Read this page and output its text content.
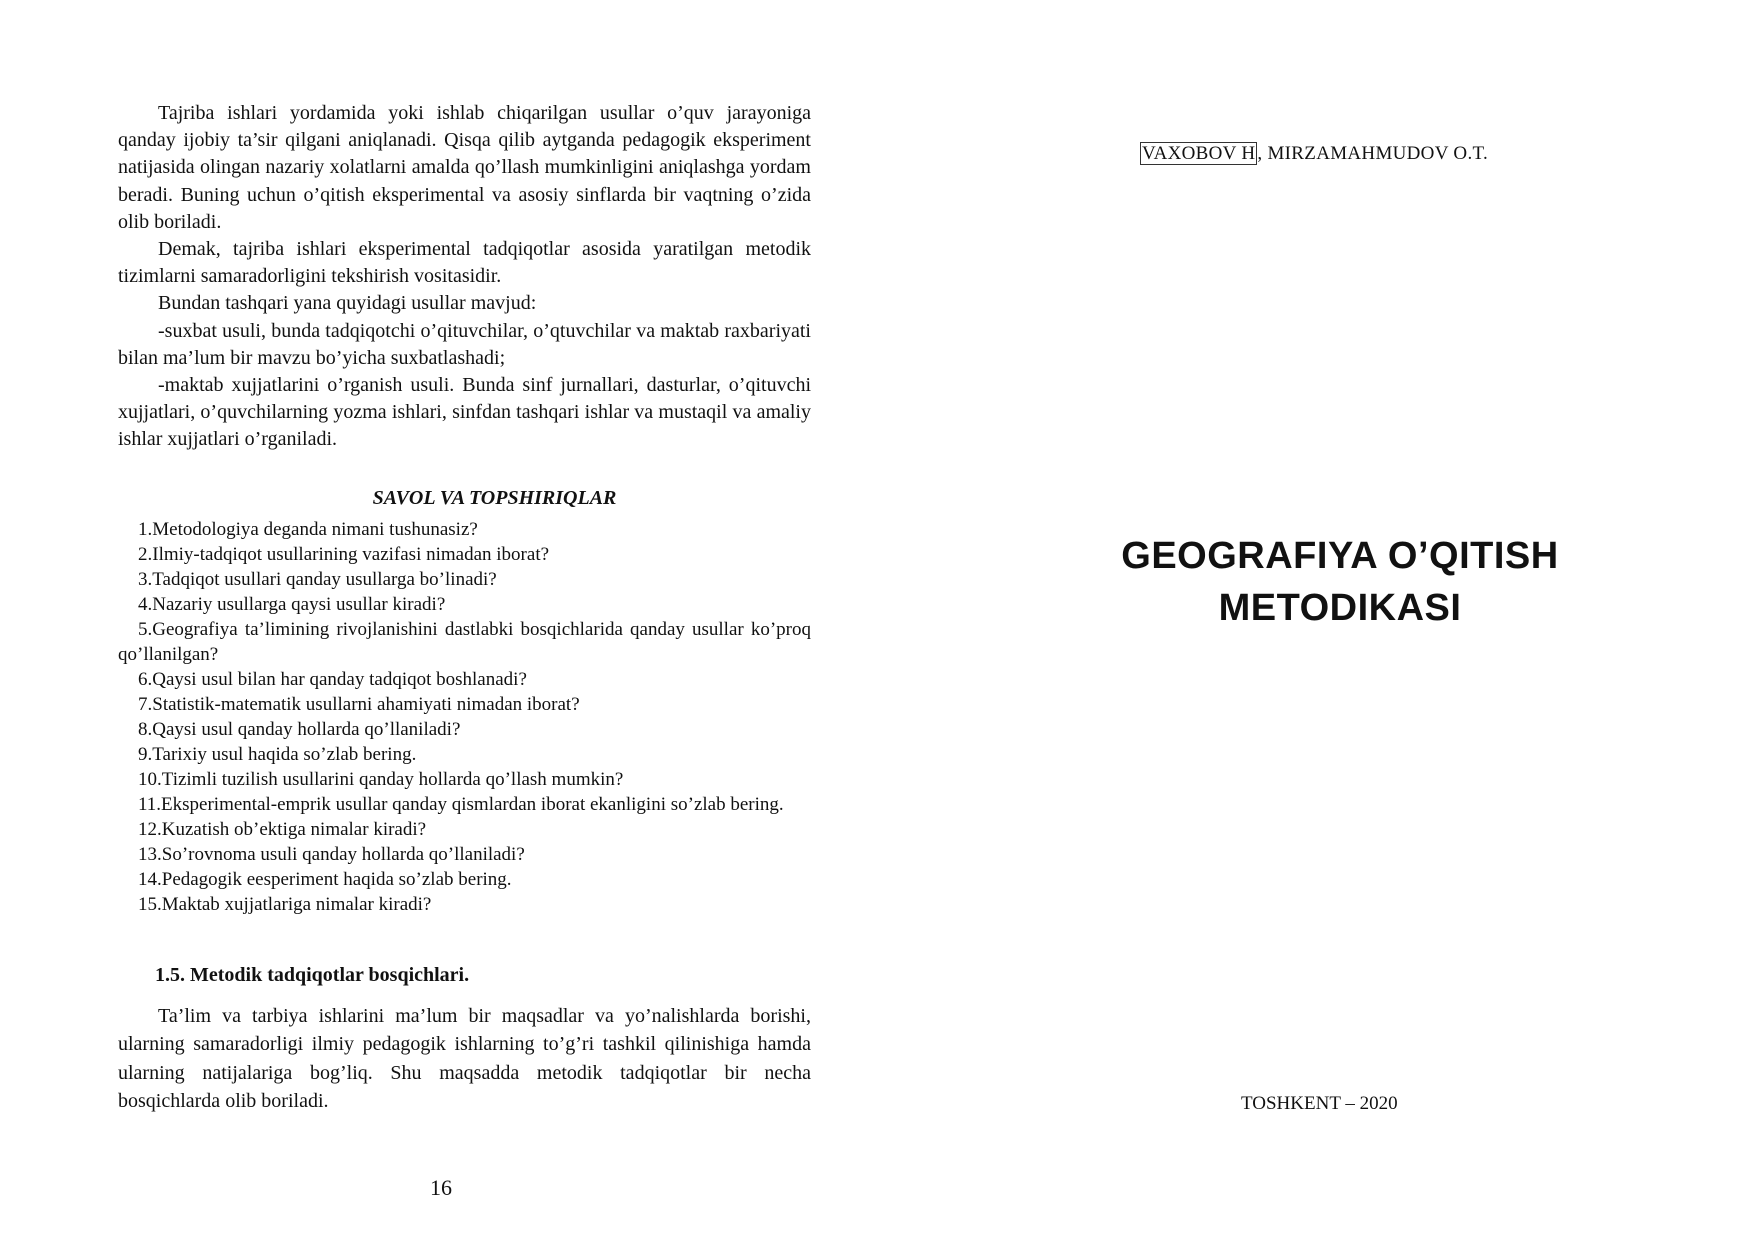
Tajriba ishlari yordamida yoki ishlab chiqarilgan usullar o’quv jarayoniga qanday ijobiy ta’sir qilgani aniqlanadi. Qisqa qilib aytganda pedagogik eksperiment natijasida olingan nazariy xolatlarni amalda qo’llash mumkinligini aniqlashga yordam beradi. Buning uchun o’qitish eksperimental va asosiy sinflarda bir vaqtning o’zida olib boriladi.

Demak, tajriba ishlari eksperimental tadqiqotlar asosida yaratilgan metodik tizimlarni samaradorligini tekshirish vositasidir.

Bundan tashqari yana quyidagi usullar mavjud:

-suxbat usuli, bunda tadqiqotchi o’qituvchilar, o’qtuvchilar va maktab raxbariyati bilan ma’lum bir mavzu bo’yicha suxbatlashadi;

-maktab xujjatlarini o’rganish usuli. Bunda sinf jurnallari, dasturlar, o’qituvchi xujjatlari, o’quvchilarning yozma ishlari, sinfdan tashqari ishlar va mustaqil va amaliy ishlar xujjatlari o’rganiladi.

SAVOL VA TOPSHIRIQLAR
1.Metodologiya deganda nimani tushunasiz?
2.Ilmiy-tadqiqot usullarining vazifasi nimadan iborat?
3.Tadqiqot usullari qanday usullarga bo’linadi?
4.Nazariy usullarga qaysi usullar kiradi?
5.Geografiya ta’limining rivojlanishini dastlabki bosqichlarida qanday usullar ko’proq qo’llanilgan?
6.Qaysi usul bilan har qanday tadqiqot boshlanadi?
7.Statistik-matematik usullarni ahamiyati nimadan iborat?
8.Qaysi usul qanday hollarda qo’llaniladi?
9.Tarixiy usul haqida so’zlab bering.
10.Tizimli tuzilish usullarini qanday hollarda qo’llash mumkin?
11.Eksperimental-emprik usullar qanday qismlardan iborat ekanligini so’zlab bering.
12.Kuzatish ob’ektiga nimalar kiradi?
13.So’rovnoma usuli qanday hollarda qo’llaniladi?
14.Pedagogik eesperiment haqida so’zlab bering.
15.Maktab xujjatlariga nimalar kiradi?
1.5. Metodik tadqiqotlar bosqichlari.

Ta’lim va tarbiya ishlarini ma’lum bir maqsadlar va yo’nalishlarda borishi, ularning samaradorligi ilmiy pedagogik ishlarning to’g’ri tashkil qilinishiga hamda ularning natijalariga bog’liq. Shu maqsadda metodik tadqiqotlar bir necha bosqichlarda olib boriladi.

16
VAXOBOV H , MIRZAMAHMUDOV O.T.
GEOGRAFIYA O’QITISH
METODIKASI
TOSHKENT – 2020
